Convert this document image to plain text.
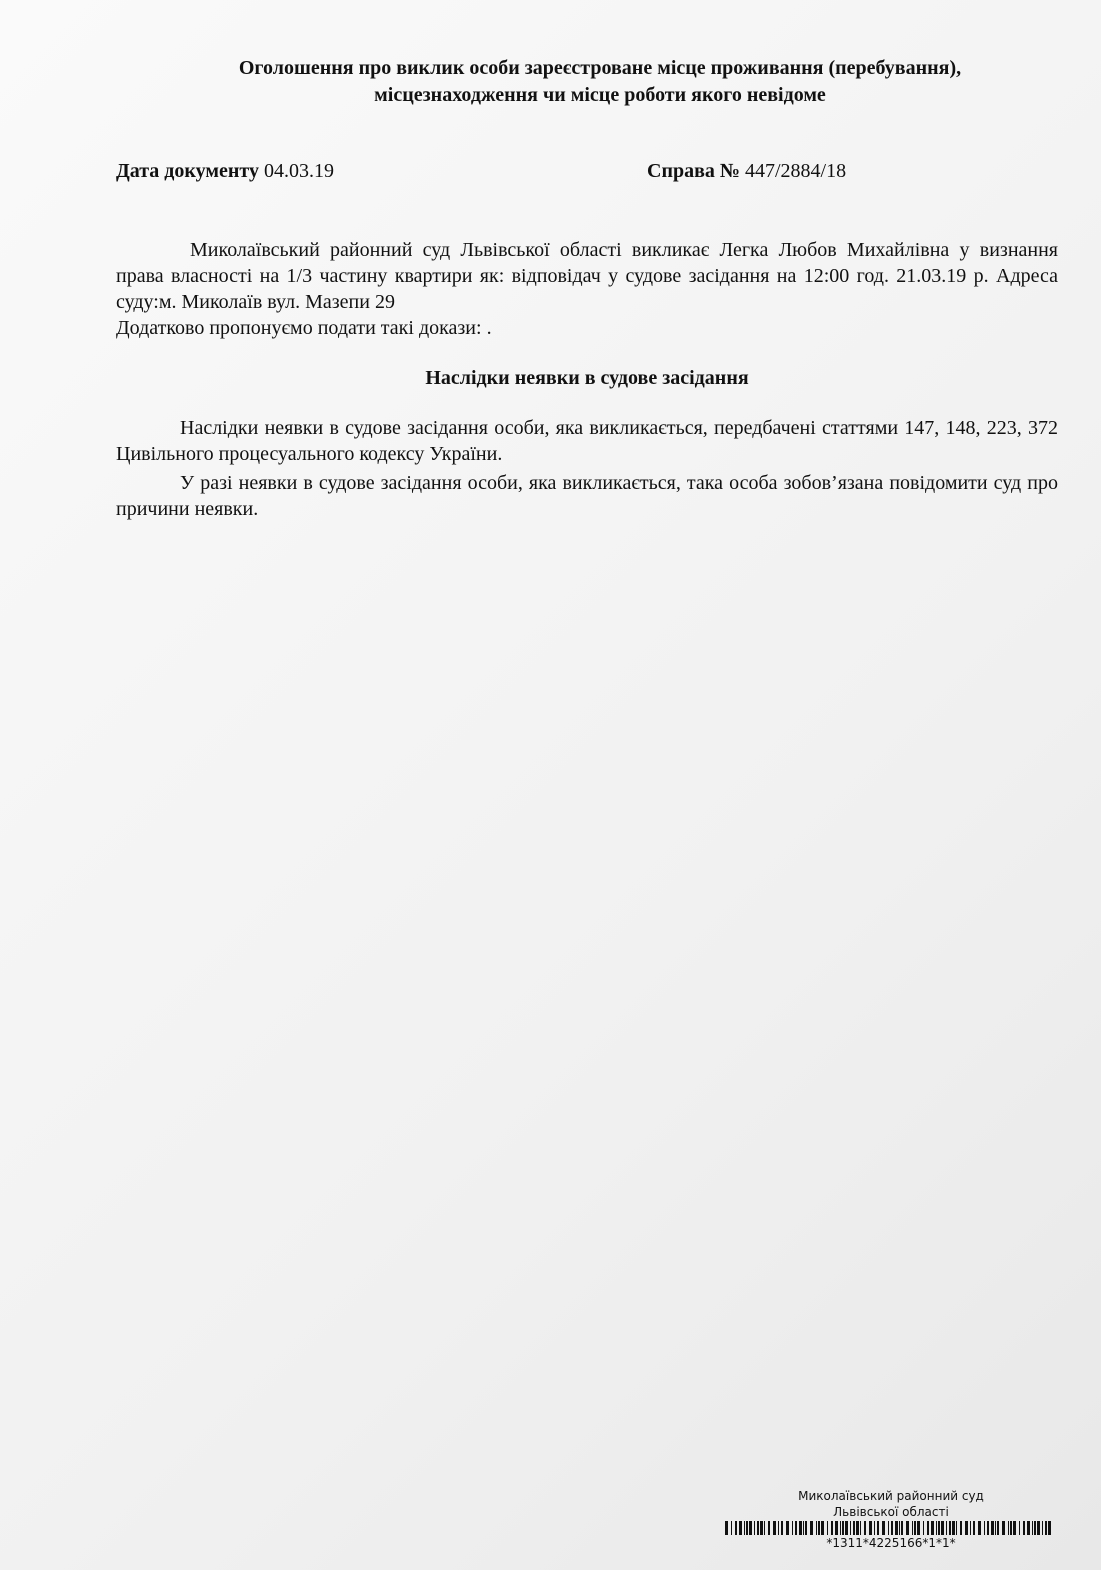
Оголошення про виклик особи зареєстроване місце проживання (перебування),
місцезнаходження чи місце роботи якого невідоме
Дата документу 04.03.19	Справа № 447/2884/18

Миколаївський районний суд Львівської області викликає Легка Любов Михайлівна у визнання права власності на 1/3 частину квартири як: відповідач у судове засідання на 12:00 год. 21.03.19 р. Адреса суду:м. Миколаїв вул. Мазепи 29

Додатково пропонуємо подати такі докази: .

Наслідки неявки в судове засідання

Наслідки неявки в судове засідання особи, яка викликається, передбачені статтями 147, 148, 223, 372 Цивільного процесуального кодексу України.

У разі неявки в судове засідання особи, яка викликається, така особа зобов’язана повідомити суд про причини неявки.

Миколаївський районний суд
Львівської області
*1311*4225166*1*1*
